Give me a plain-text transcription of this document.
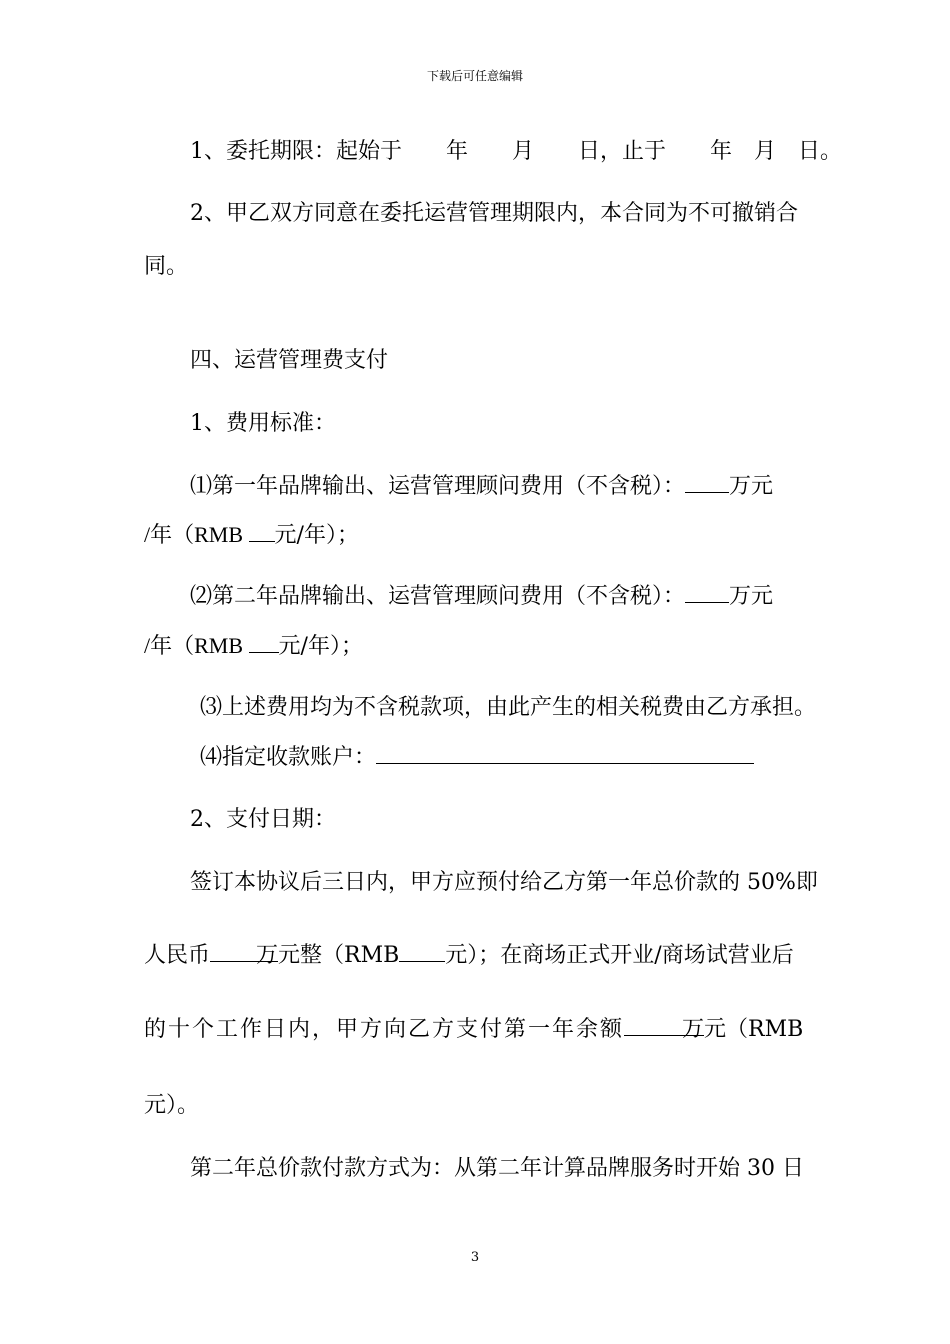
下载后可任意编辑
1、委托期限：起始于　　年　　月　　日，止于　　年　月　日。
2、甲乙双方同意在委托运营管理期限内，本合同为不可撤销合
同。
四、运营管理费支付
1、费用标准：
⑴第一年品牌输出、运营管理顾问费用（不含税）： 万元
/年（RMB 元/年）；
⑵第二年品牌输出、运营管理顾问费用（不含税）： 万元
/年（RMB 元/年）；
⑶上述费用均为不含税款项，由此产生的相关税费由乙方承担。
⑷指定收款账户：
2、支付日期：
签订本协议后三日内，甲方应预付给乙方第一年总价款的 50%即
人民币 万元整（RMB 元）；在商场正式开业/商场试营业后
的十个工作日内，甲方向乙方支付第一年余额	万元（RMB
元）。
第二年总价款付款方式为：从第二年计算品牌服务时开始 30 日
3
